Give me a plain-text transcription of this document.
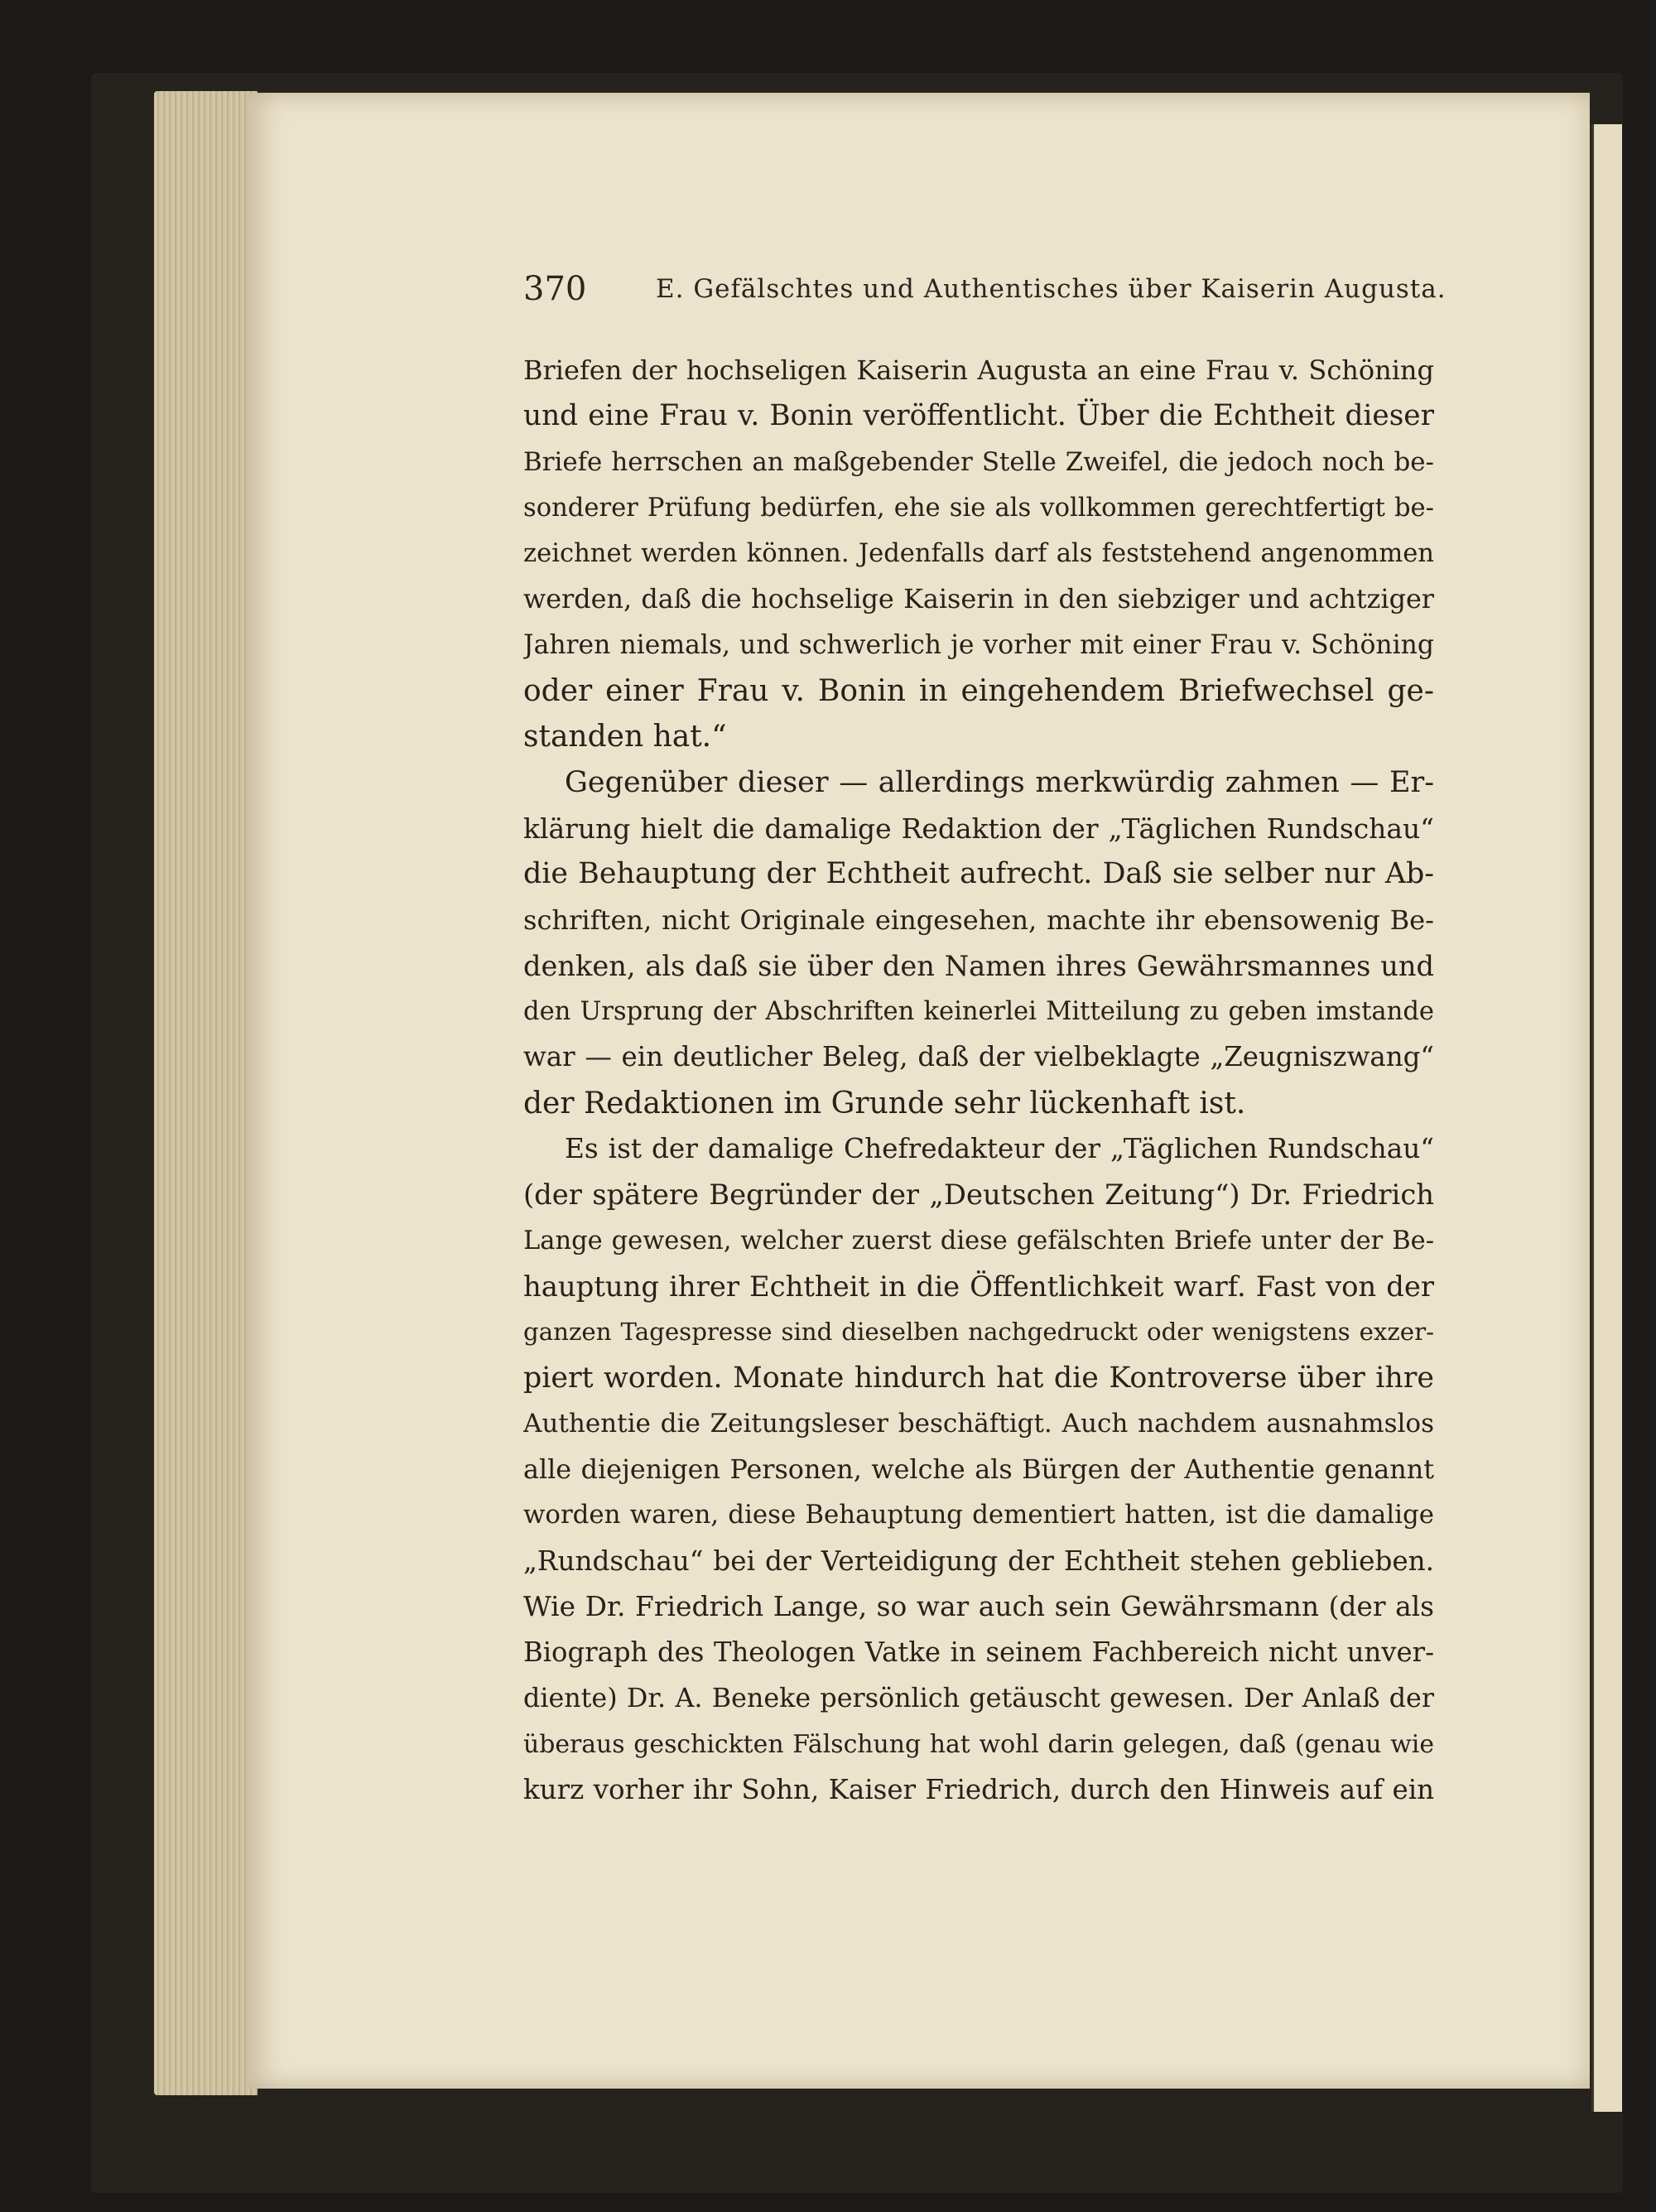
370	E. Gefälschtes und Authentisches über Kaiserin Augusta.
Briefen der hochseligen Kaiserin Augusta an eine Frau v. Schöning
und eine Frau v. Bonin veröffentlicht. Über die Echtheit dieser
Briefe herrschen an maßgebender Stelle Zweifel, die jedoch noch be-
sonderer Prüfung bedürfen, ehe sie als vollkommen gerechtfertigt be-
zeichnet werden können. Jedenfalls darf als feststehend angenommen
werden, daß die hochselige Kaiserin in den siebziger und achtziger
Jahren niemals, und schwerlich je vorher mit einer Frau v. Schöning
oder einer Frau v. Bonin in eingehendem Briefwechsel ge-
standen hat.“
Gegenüber dieser — allerdings merkwürdig zahmen — Er-
klärung hielt die damalige Redaktion der „Täglichen Rundschau“
die Behauptung der Echtheit aufrecht. Daß sie selber nur Ab-
schriften, nicht Originale eingesehen, machte ihr ebensowenig Be-
denken, als daß sie über den Namen ihres Gewährsmannes und
den Ursprung der Abschriften keinerlei Mitteilung zu geben imstande
war — ein deutlicher Beleg, daß der vielbeklagte „Zeugniszwang“
der Redaktionen im Grunde sehr lückenhaft ist.
Es ist der damalige Chefredakteur der „Täglichen Rundschau“
(der spätere Begründer der „Deutschen Zeitung“) Dr. Friedrich
Lange gewesen, welcher zuerst diese gefälschten Briefe unter der Be-
hauptung ihrer Echtheit in die Öffentlichkeit warf. Fast von der
ganzen Tagespresse sind dieselben nachgedruckt oder wenigstens exzer-
piert worden. Monate hindurch hat die Kontroverse über ihre
Authentie die Zeitungsleser beschäftigt. Auch nachdem ausnahmslos
alle diejenigen Personen, welche als Bürgen der Authentie genannt
worden waren, diese Behauptung dementiert hatten, ist die damalige
„Rundschau“ bei der Verteidigung der Echtheit stehen geblieben.
Wie Dr. Friedrich Lange, so war auch sein Gewährsmann (der als
Biograph des Theologen Vatke in seinem Fachbereich nicht unver-
diente) Dr. A. Beneke persönlich getäuscht gewesen. Der Anlaß der
überaus geschickten Fälschung hat wohl darin gelegen, daß (genau wie
kurz vorher ihr Sohn, Kaiser Friedrich, durch den Hinweis auf ein
